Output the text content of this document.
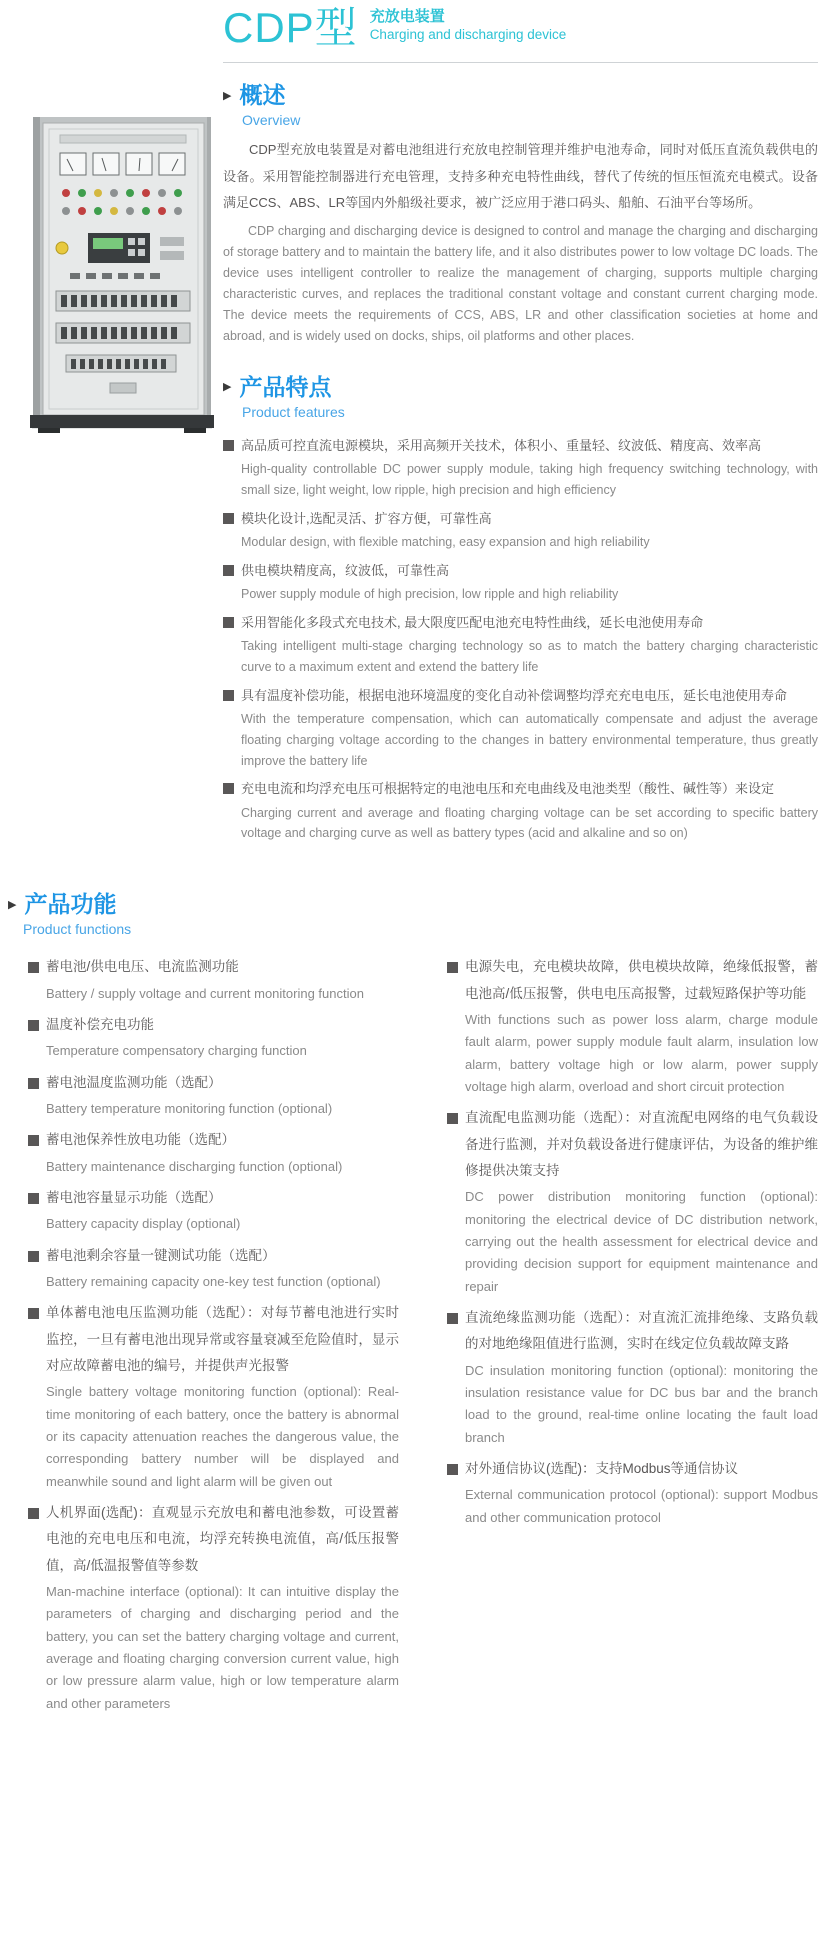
CDP型 充放电装置
Charging and discharging device
▶ 概述
Overview

CDP型充放电装置是对蓄电池组进行充放电控制管理并维护电池寿命，同时对低压直流负载供电的设备。采用智能控制器进行充电管理，支持多种充电特性曲线，替代了传统的恒压恒流充电模式。设备满足CCS、ABS、LR等国内外船级社要求，被广泛应用于港口码头、船舶、石油平台等场所。

CDP charging and discharging device is designed to control and manage the charging and discharging of storage battery and to maintain the battery life, and it also distributes power to low voltage DC loads. The device uses intelligent controller to realize the management of charging, supports multiple charging characteristic curves, and replaces the traditional constant voltage and constant current charging mode. The device meets the requirements of CCS, ABS, LR and other classification societies at home and abroad, and is widely used on docks, ships, oil platforms and other places.

▶ 产品特点
Product features
高品质可控直流电源模块，采用高频开关技术，体积小、重量轻、纹波低、精度高、效率高
High-quality controllable DC power supply module, taking high frequency switching technology, with small size, light weight, low ripple, high precision and high efficiency
模块化设计,选配灵活、扩容方便，可靠性高
Modular design, with flexible matching, easy expansion and high reliability
供电模块精度高，纹波低，可靠性高
Power supply module of high precision, low ripple and high reliability
采用智能化多段式充电技术, 最大限度匹配电池充电特性曲线，延长电池使用寿命
Taking intelligent multi-stage charging technology so as to match the battery charging characteristic curve to a maximum extent and extend the battery life
具有温度补偿功能，根据电池环境温度的变化自动补偿调整均浮充充电电压，延长电池使用寿命
With the temperature compensation, which can automatically compensate and adjust the average floating charging voltage according to the changes in battery environmental temperature, thus greatly improve the battery life
充电电流和均浮充电压可根据特定的电池电压和充电曲线及电池类型（酸性、碱性等）来设定
Charging current and average and floating charging voltage can be set according to specific battery voltage and charging curve as well as battery types (acid and alkaline and so on)
▶ 产品功能
Product functions
蓄电池/供电电压、电流监测功能
Battery / supply voltage and current monitoring function
温度补偿充电功能
Temperature compensatory charging function
蓄电池温度监测功能（选配）
Battery temperature monitoring function (optional)
蓄电池保养性放电功能（选配）
Battery maintenance discharging function (optional)
蓄电池容量显示功能（选配）
Battery capacity display (optional)
蓄电池剩余容量一键测试功能（选配）
Battery remaining capacity one-key test function (optional)
单体蓄电池电压监测功能（选配）：对每节蓄电池进行实时监控，一旦有蓄电池出现异常或容量衰减至危险值时，显示对应故障蓄电池的编号，并提供声光报警
Single battery voltage monitoring function (optional): Real-time monitoring of each battery, once the battery is abnormal or its capacity attenuation reaches the dangerous value, the corresponding battery number will be displayed and meanwhile sound and light alarm will be given out
人机界面(选配)：直观显示充放电和蓄电池参数，可设置蓄电池的充电电压和电流，均浮充转换电流值，高/低压报警值，高/低温报警值等参数
Man-machine interface (optional): It can intuitive display the parameters of charging and discharging period and the battery, you can set the battery charging voltage and current, average and floating charging conversion current value, high or low pressure alarm value, high or low temperature alarm and other parameters
电源失电，充电模块故障，供电模块故障，绝缘低报警，蓄电池高/低压报警，供电电压高报警，过载短路保护等功能
With functions such as power loss alarm, charge module fault alarm, power supply module fault alarm, insulation low alarm, battery voltage high or low alarm, power supply voltage high alarm, overload and short circuit protection
直流配电监测功能（选配）：对直流配电网络的电气负载设备进行监测，并对负载设备进行健康评估，为设备的维护维修提供决策支持
DC power distribution monitoring function (optional): monitoring the electrical device of DC distribution network, carrying out the health assessment for electrical device and providing decision support for equipment maintenance and repair
直流绝缘监测功能（选配）：对直流汇流排绝缘、支路负载的对地绝缘阻值进行监测，实时在线定位负载故障支路
DC insulation monitoring function (optional): monitoring the insulation resistance value for DC bus bar and the branch load to the ground, real-time online locating the fault load branch
对外通信协议(选配)：支持Modbus等通信协议
External communication protocol (optional): support Modbus and other communication protocol
